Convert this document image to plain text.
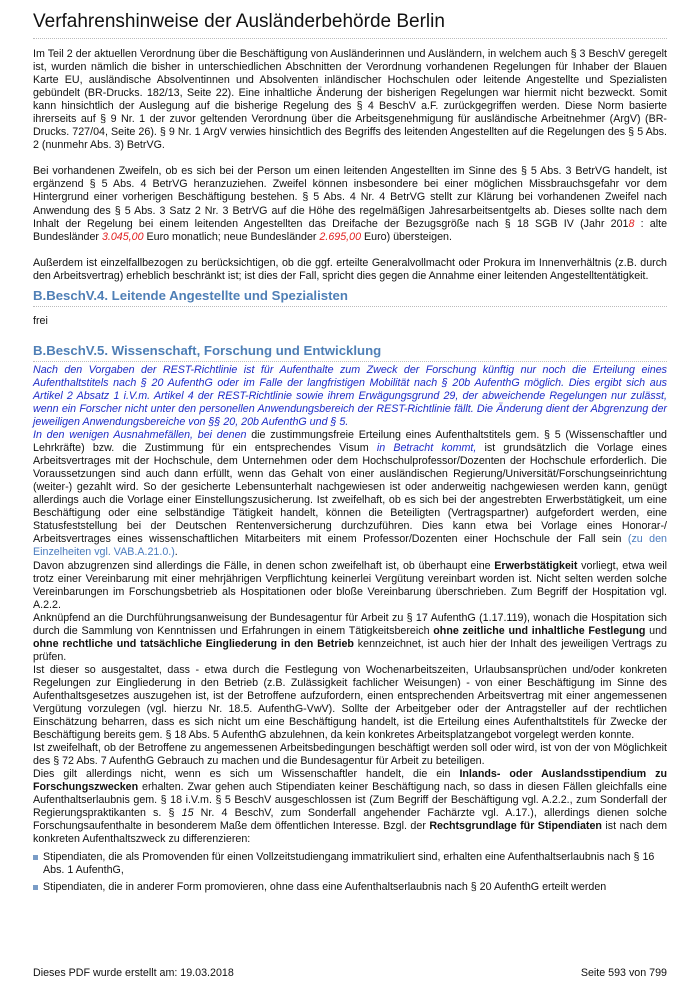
Verfahrenshinweise der Ausländerbehörde Berlin

Im Teil 2 der aktuellen Verordnung über die Beschäftigung von Ausländerinnen und Ausländern, in welchem auch § 3 BeschV geregelt ist, wurden nämlich die bisher in unterschiedlichen Abschnitten der Verordnung vorhandenen Regelungen für Inhaber der Blauen Karte EU, ausländische Absolventinnen und Absolventen inländischer Hochschulen oder leitende Angestellte und Spezialisten gebündelt (BR-Drucks. 182/13, Seite 22). Eine inhaltliche Änderung der bisherigen Regelungen war hiermit nicht bezweckt. Somit kann hinsichtlich der Auslegung auf die bisherige Regelung des § 4 BeschV a.F. zurückgegriffen werden. Diese Norm basierte ihrerseits auf § 9 Nr. 1 der zuvor geltenden Verordnung über die Arbeitsgenehmigung für ausländische Arbeitnehmer (ArgV) (BR-Drucks. 727/04, Seite 26). § 9 Nr. 1 ArgV verwies hinsichtlich des Begriffs des leitenden Angestellten auf die Regelungen des § 5 Abs. 2 (nunmehr Abs. 3) BetrVG.

Bei vorhandenen Zweifeln, ob es sich bei der Person um einen leitenden Angestellten im Sinne des § 5 Abs. 3 BetrVG handelt, ist ergänzend § 5 Abs. 4 BetrVG heranzuziehen. Zweifel können insbesondere bei einer möglichen Missbrauchsgefahr vor dem Hintergrund einer vorherigen Beschäftigung bestehen. § 5 Abs. 4 Nr. 4 BetrVG stellt zur Klärung bei vorhandenen Zweifel nach Anwendung des § 5 Abs. 3 Satz 2 Nr. 3 BetrVG auf die Höhe des regelmäßigen Jahresarbeitsentgelts ab. Dieses sollte nach dem Inhalt der Regelung bei einem leitenden Angestellten das Dreifache der Bezugsgröße nach § 18 SGB IV (Jahr 2018 : alte Bundesländer 3.045,00 Euro monatlich; neue Bundesländer 2.695,00 Euro) übersteigen.

Außerdem ist einzelfallbezogen zu berücksichtigen, ob die ggf. erteilte Generalvollmacht oder Prokura im Innenverhältnis (z.B. durch den Arbeitsvertrag) erheblich beschränkt ist; ist dies der Fall, spricht dies gegen die Annahme einer leitenden Angestelltentätigkeit.

B.BeschV.4. Leitende Angestellte und Spezialisten

frei

B.BeschV.5. Wissenschaft, Forschung und Entwicklung

Nach den Vorgaben der REST-Richtlinie ist für Aufenthalte zum Zweck der Forschung künftig nur noch die Erteilung eines Aufenthaltstitels nach § 20 AufenthG oder im Falle der langfristigen Mobilität nach § 20b AufenthG möglich. Dies ergibt sich aus Artikel 2 Absatz 1 i.V.m. Artikel 4 der REST-Richtlinie sowie ihrem Erwägungsgrund 29, der abweichende Regelungen nur zulässt, wenn ein Forscher nicht unter den personellen Anwendungsbereich der REST-Richtlinie fällt. Die Änderung dient der Abgrenzung der jeweiligen Anwendungsbereiche von §§ 20, 20b AufenthG und § 5.

In den wenigen Ausnahmefällen, bei denen die zustimmungsfreie Erteilung eines Aufenthaltstitels gem. § 5 (Wissenschaftler und Lehrkräfte) bzw. die Zustimmung für ein entsprechendes Visum in Betracht kommt, ist grundsätzlich die Vorlage eines Arbeitsvertrages mit der Hochschule, dem Unternehmen oder dem Hochschulprofessor/Dozenten der Hochschule erforderlich. Die Voraussetzungen sind auch dann erfüllt, wenn das Gehalt von einer ausländischen Regierung/Universität/Forschungseinrichtung (weiter-) gezahlt wird. So der gesicherte Lebensunterhalt nachgewiesen ist oder anderweitig nachgewiesen werden kann, genügt allerdings auch die Vorlage einer Einstellungszusicherung. Ist zweifelhaft, ob es sich bei der angestrebten Erwerbstätigkeit, um eine Beschäftigung oder eine selbständige Tätigkeit handelt, können die Beteiligten (Vertragspartner) aufgefordert werden, eine Statusfeststellung bei der Deutschen Rentenversicherung durchzuführen. Dies kann etwa bei Vorlage eines Honorar-/ Arbeitsvertrages eines wissenschaftlichen Mitarbeiters mit einem Professor/Dozenten einer Hochschule der Fall sein (zu den Einzelheiten vgl. VAB.A.21.0.).

Davon abzugrenzen sind allerdings die Fälle, in denen schon zweifelhaft ist, ob überhaupt eine Erwerbstätigkeit vorliegt, etwa weil trotz einer Vereinbarung mit einer mehrjährigen Verpflichtung keinerlei Vergütung vereinbart worden ist. Nicht selten werden solche Vereinbarungen im Forschungsbetrieb als Hospitationen oder bloße Vereinbarung überschrieben. Zum Begriff der Hospitation vgl. A.2.2.

Anknüpfend an die Durchführungsanweisung der Bundesagentur für Arbeit zu § 17 AufenthG (1.17.119), wonach die Hospitation sich durch die Sammlung von Kenntnissen und Erfahrungen in einem Tätigkeitsbereich ohne zeitliche und inhaltliche Festlegung und ohne rechtliche und tatsächliche Eingliederung in den Betrieb kennzeichnet, ist auch hier der Inhalt des jeweiligen Vertrags zu prüfen.

Ist dieser so ausgestaltet, dass - etwa durch die Festlegung von Wochenarbeitszeiten, Urlaubsansprüchen und/oder konkreten Regelungen zur Eingliederung in den Betrieb (z.B. Zulässigkeit fachlicher Weisungen) - von einer Beschäftigung im Sinne des Aufenthaltsgesetzes auszugehen ist, ist der Betroffene aufzufordern, einen entsprechenden Arbeitsvertrag mit einer angemessenen Vergütung vorzulegen (vgl. hierzu Nr. 18.5. AufenthG-VwV). Sollte der Arbeitgeber oder der Antragsteller auf der rechtlichen Einschätzung beharren, dass es sich nicht um eine Beschäftigung handelt, ist die Erteilung eines Aufenthaltstitels für Zwecke der Beschäftigung bereits gem. § 18 Abs. 5 AufenthG abzulehnen, da kein konkretes Arbeitsplatzangebot vorgelegt werden konnte.

Ist zweifelhaft, ob der Betroffene zu angemessenen Arbeitsbedingungen beschäftigt werden soll oder wird, ist von der von Möglichkeit des § 72 Abs. 7 AufenthG Gebrauch zu machen und die Bundesagentur für Arbeit zu beteiligen.

Dies gilt allerdings nicht, wenn es sich um Wissenschaftler handelt, die ein Inlands- oder Auslandsstipendium zu Forschungszwecken erhalten. Zwar gehen auch Stipendiaten keiner Beschäftigung nach, so dass in diesen Fällen gleichfalls eine Aufenthaltserlaubnis gem. § 18 i.V.m. § 5 BeschV ausgeschlossen ist (Zum Begriff der Beschäftigung vgl. A.2.2., zum Sonderfall der Regierungspraktikanten s. § 15 Nr. 4 BeschV, zum Sonderfall angehender Fachärzte vgl. A.17.), allerdings dienen solche Forschungsaufenthalte in besonderem Maße dem öffentlichen Interesse. Bzgl. der Rechtsgrundlage für Stipendiaten ist nach dem konkreten Aufenthaltszweck zu differenzieren:

Stipendiaten, die als Promovenden für einen Vollzeitstudiengang immatrikuliert sind, erhalten eine Aufenthaltserlaubnis nach § 16 Abs. 1 AufenthG,
Stipendiaten, die in anderer Form promovieren, ohne dass eine Aufenthaltserlaubnis nach § 20 AufenthG erteilt werden
Dieses PDF wurde erstellt am: 19.03.2018	Seite 593 von 799
